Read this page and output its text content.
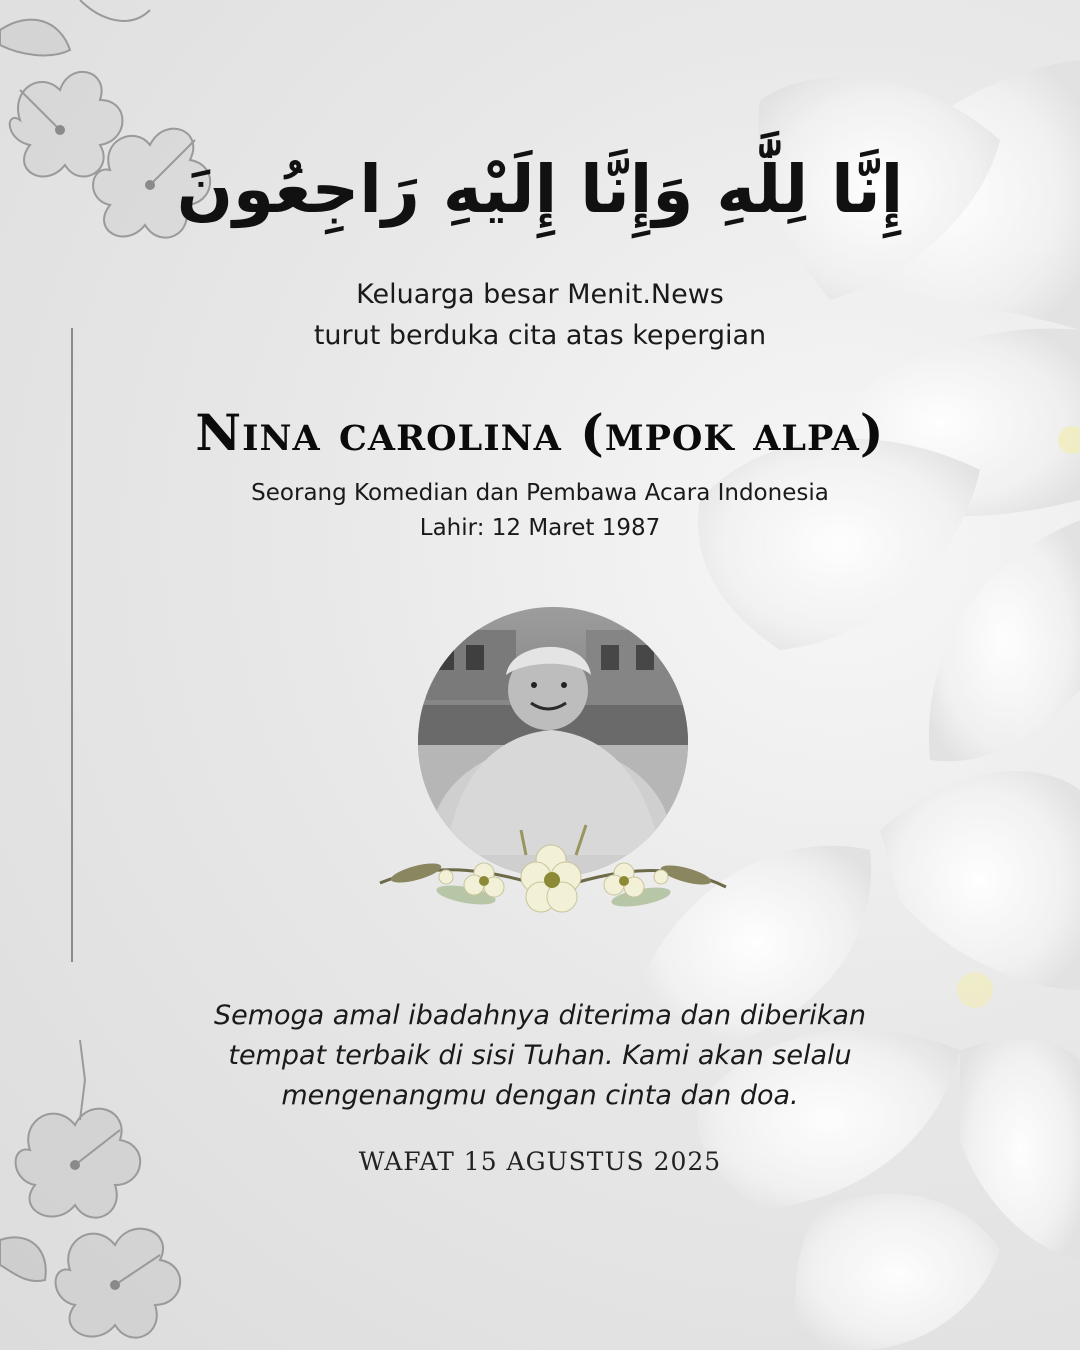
إِنَّا لِلَّٰهِ وَإِنَّا إِلَيْهِ رَاجِعُونَ
Keluarga besar Menit.News
turut berduka cita atas kepergian
Nina carolina (mpok alpa)
Seorang Komedian dan Pembawa Acara Indonesia
Lahir: 12 Maret 1987
Semoga amal ibadahnya diterima dan diberikan
tempat terbaik di sisi Tuhan. Kami akan selalu
mengenangmu dengan cinta dan doa.
WAFAT 15 AGUSTUS 2025
